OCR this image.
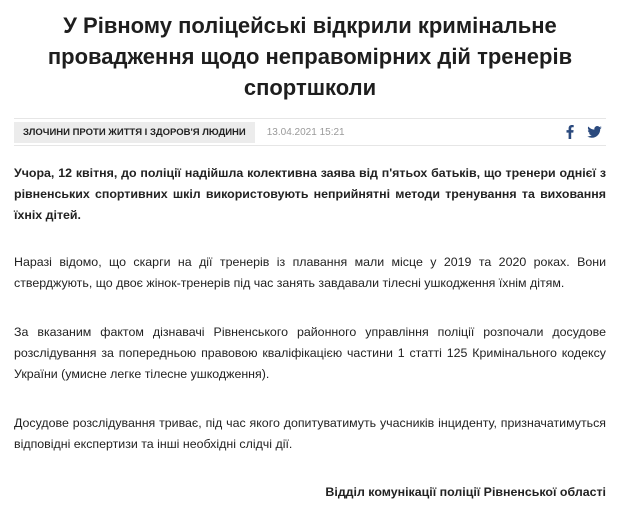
У Рівному поліцейські відкрили кримінальне провадження щодо неправомірних дій тренерів спортшколи
ЗЛОЧИНИ ПРОТИ ЖИТТЯ І ЗДОРОВ'Я ЛЮДИНИ	13.04.2021 15:21

Учора, 12 квітня, до поліції надійшла колективна заява від п'ятьох батьків, що тренери однієї з рівненських спортивних шкіл використовують неприйнятні методи тренування та виховання їхніх дітей.

Наразі відомо, що скарги на дії тренерів із плавання мали місце у 2019 та 2020 роках. Вони стверджують, що двоє жінок-тренерів під час занять завдавали тілесні ушкодження їхнім дітям.

За вказаним фактом дізнавачі Рівненського районного управління поліції розпочали досудове розслідування за попередньою правовою кваліфікацією частини 1 статті 125 Кримінального кодексу України (умисне легке тілесне ушкодження).

Досудове розслідування триває, під час якого допитуватимуть учасників інциденту, призначатимуться відповідні експертизи та інші необхідні слідчі дії.

Відділ комунікації поліції Рівненської області
